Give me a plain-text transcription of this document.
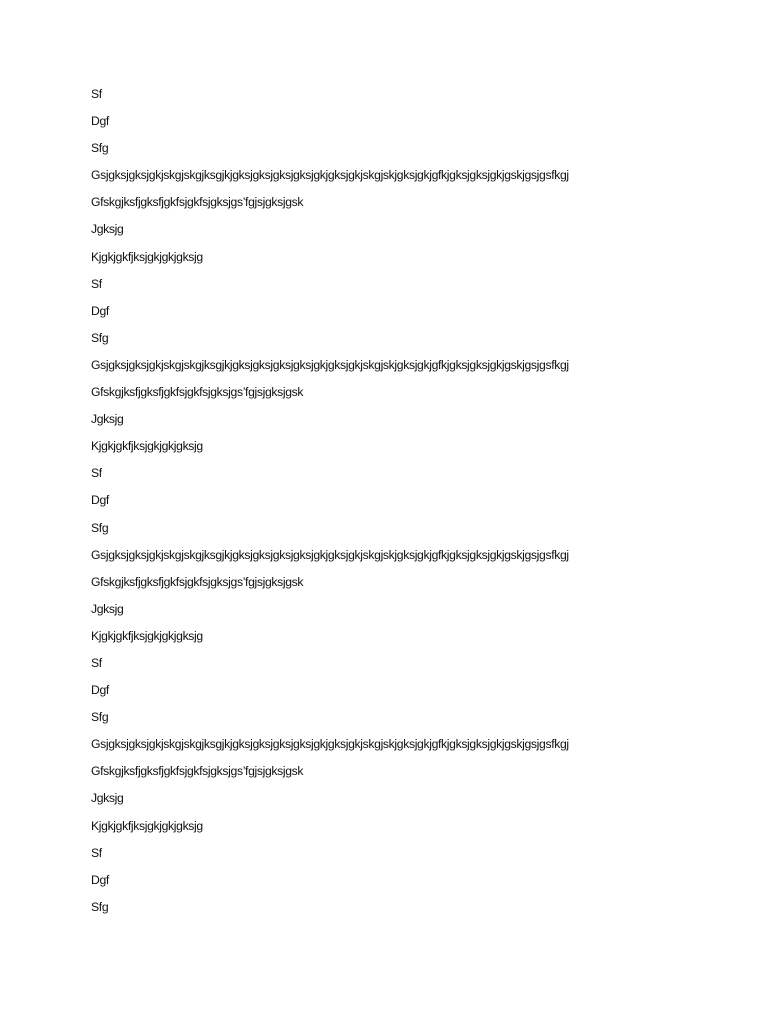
Sf
Dgf
Sfg
Gsjgksjgksjgkjskgjskgjksgjkjgksjgksjgksjgksjgkjgksjgkjskgjskjgksjgkjgfkjgksjgksjgkjgskjgsjgsfkgj
Gfskgjksfjgksfjgkfsjgkfsjgksjgs’fgjsjgksjgsk
Jgksjg
Kjgkjgkfjksjgkjgkjgksjg
Sf
Dgf
Sfg
Gsjgksjgksjgkjskgjskgjksgjkjgksjgksjgksjgksjgkjgksjgkjskgjskjgksjgkjgfkjgksjgksjgkjgskjgsjgsfkgj
Gfskgjksfjgksfjgkfsjgkfsjgksjgs’fgjsjgksjgsk
Jgksjg
Kjgkjgkfjksjgkjgkjgksjg
Sf
Dgf
Sfg
Gsjgksjgksjgkjskgjskgjksgjkjgksjgksjgksjgksjgkjgksjgkjskgjskjgksjgkjgfkjgksjgksjgkjgskjgsjgsfkgj
Gfskgjksfjgksfjgkfsjgkfsjgksjgs’fgjsjgksjgsk
Jgksjg
Kjgkjgkfjksjgkjgkjgksjg
Sf
Dgf
Sfg
Gsjgksjgksjgkjskgjskgjksgjkjgksjgksjgksjgksjgkjgksjgkjskgjskjgksjgkjgfkjgksjgksjgkjgskjgsjgsfkgj
Gfskgjksfjgksfjgkfsjgkfsjgksjgs’fgjsjgksjgsk
Jgksjg
Kjgkjgkfjksjgkjgkjgksjg
Sf
Dgf
Sfg
